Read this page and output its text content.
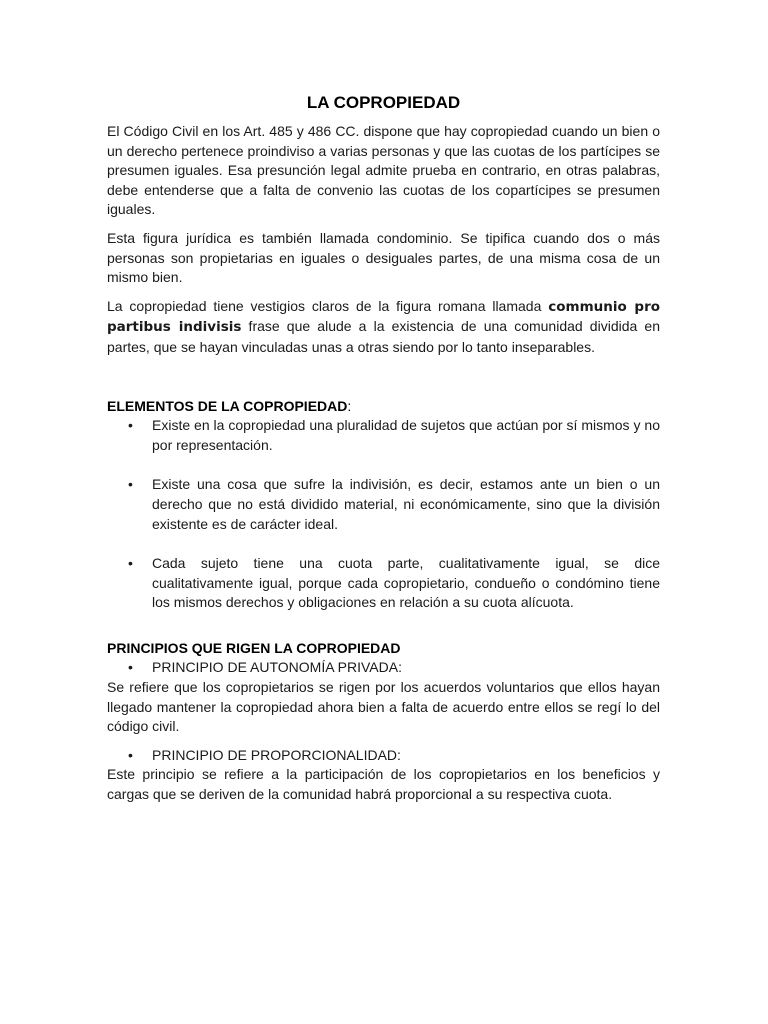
LA COPROPIEDAD

El Código Civil en los Art. 485 y 486 CC. dispone que hay copropiedad cuando un bien o un derecho pertenece proindiviso a varias personas y que las cuotas de los partícipes se presumen iguales. Esa presunción legal admite prueba en contrario, en otras palabras, debe entenderse que a falta de convenio las cuotas de los copartícipes se presumen iguales.

Esta figura jurídica es también llamada condominio. Se tipifica cuando dos o más personas son propietarias en iguales o desiguales partes, de una misma cosa de un mismo bien.

La copropiedad tiene vestigios claros de la figura romana llamada communio pro partibus indivisis frase que alude a la existencia de una comunidad dividida en partes, que se hayan vinculadas unas a otras siendo por lo tanto inseparables.

ELEMENTOS DE LA COPROPIEDAD:
• Existe en la copropiedad una pluralidad de sujetos que actúan por sí mismos y no por representación.
• Existe una cosa que sufre la indivisión, es decir, estamos ante un bien o un derecho que no está dividido material, ni económicamente, sino que la división existente es de carácter ideal.
• Cada sujeto tiene una cuota parte, cualitativamente igual, se dice cualitativamente igual, porque cada copropietario, condueño o condómino tiene los mismos derechos y obligaciones en relación a su cuota alícuota.
PRINCIPIOS QUE RIGEN LA COPROPIEDAD
• PRINCIPIO DE AUTONOMÍA PRIVADA:

Se refiere que los copropietarios se rigen por los acuerdos voluntarios que ellos hayan llegado mantener la copropiedad ahora bien a falta de acuerdo entre ellos se regí lo del código civil.

• PRINCIPIO DE PROPORCIONALIDAD:

Este principio se refiere a la participación de los copropietarios en los beneficios y cargas que se deriven de la comunidad habrá proporcional a su respectiva cuota.
